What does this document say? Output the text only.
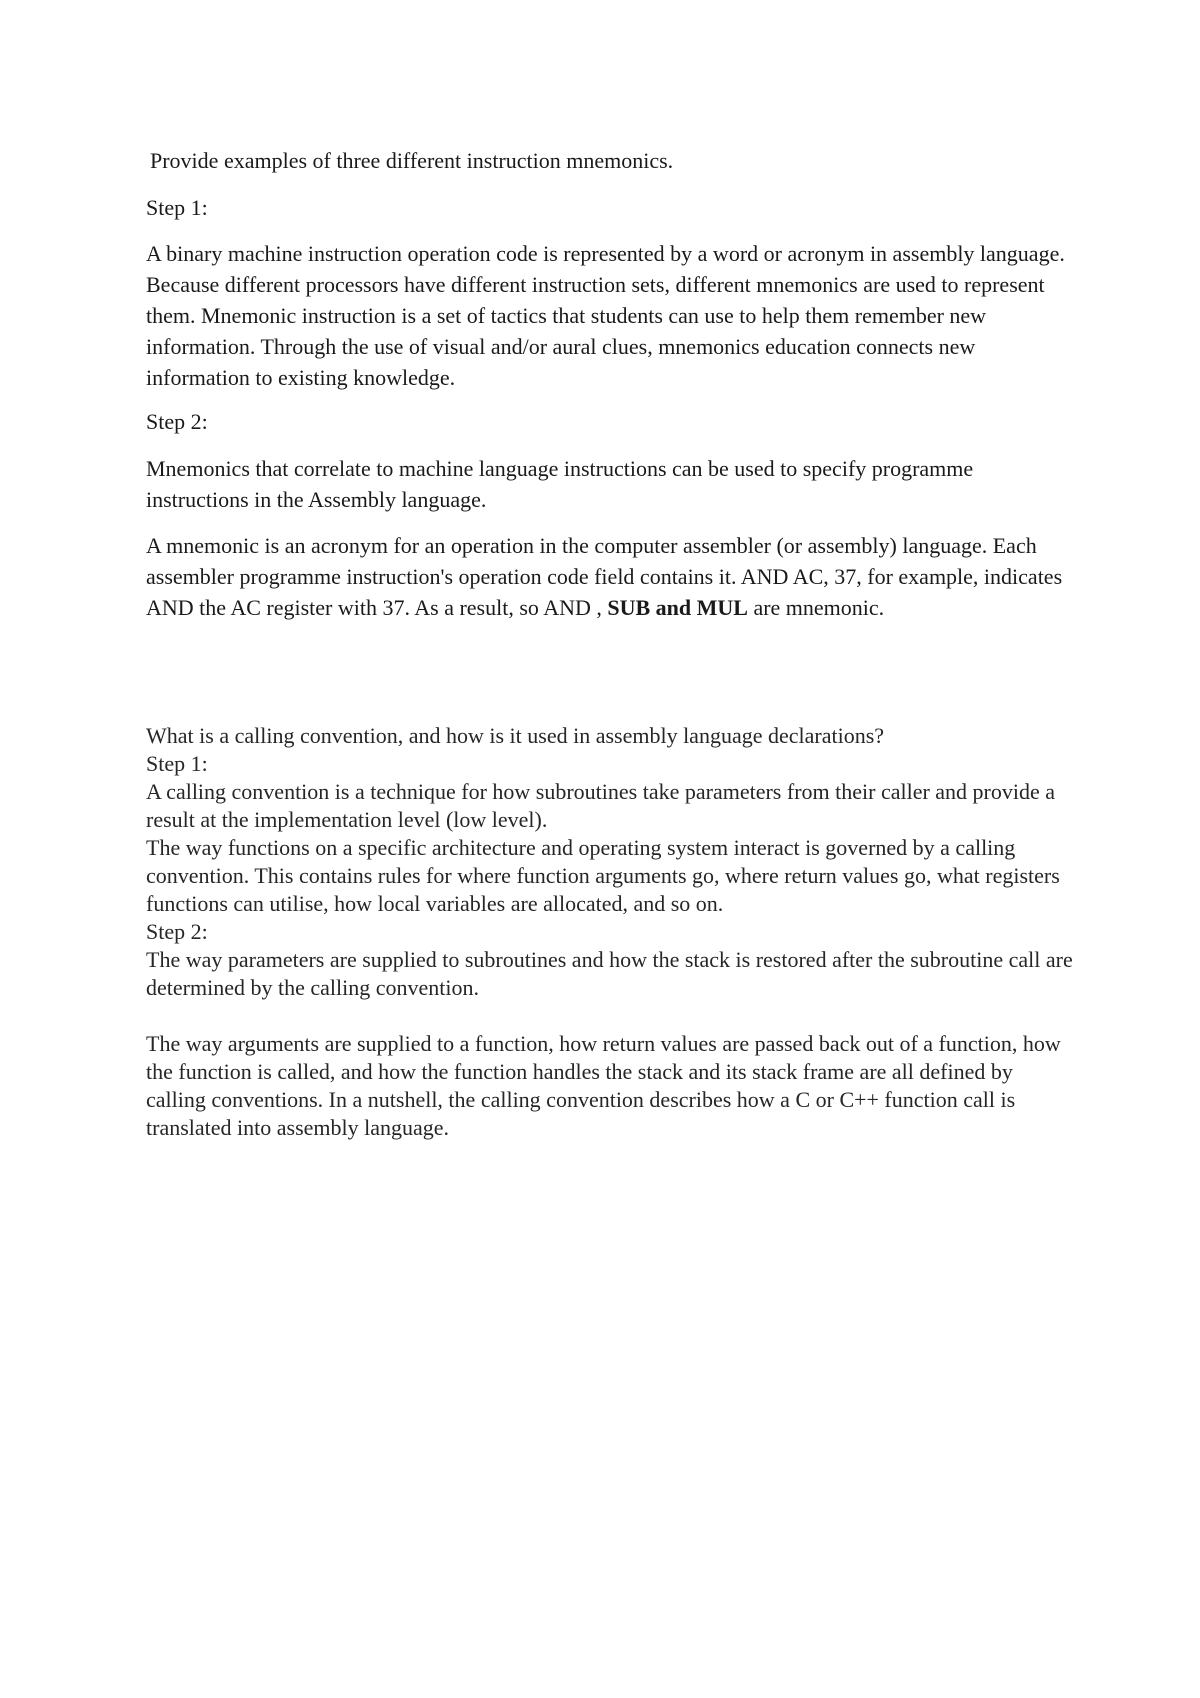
Provide examples of three different instruction mnemonics.

Step 1:

A binary machine instruction operation code is represented by a word or acronym in assembly language. Because different processors have different instruction sets, different mnemonics are used to represent them. Mnemonic instruction is a set of tactics that students can use to help them remember new information. Through the use of visual and/or aural clues, mnemonics education connects new information to existing knowledge.

Step 2:

Mnemonics that correlate to machine language instructions can be used to specify programme instructions in the Assembly language.

A mnemonic is an acronym for an operation in the computer assembler (or assembly) language. Each assembler programme instruction's operation code field contains it. AND AC, 37, for example, indicates AND the AC register with 37. As a result, so AND , SUB and MUL are mnemonic.

What is a calling convention, and how is it used in assembly language declarations?

Step 1:

A calling convention is a technique for how subroutines take parameters from their caller and provide a result at the implementation level (low level).

The way functions on a specific architecture and operating system interact is governed by a calling convention. This contains rules for where function arguments go, where return values go, what registers functions can utilise, how local variables are allocated, and so on.

Step 2:

The way parameters are supplied to subroutines and how the stack is restored after the subroutine call are determined by the calling convention.

The way arguments are supplied to a function, how return values are passed back out of a function, how the function is called, and how the function handles the stack and its stack frame are all defined by calling conventions. In a nutshell, the calling convention describes how a C or C++ function call is translated into assembly language.
